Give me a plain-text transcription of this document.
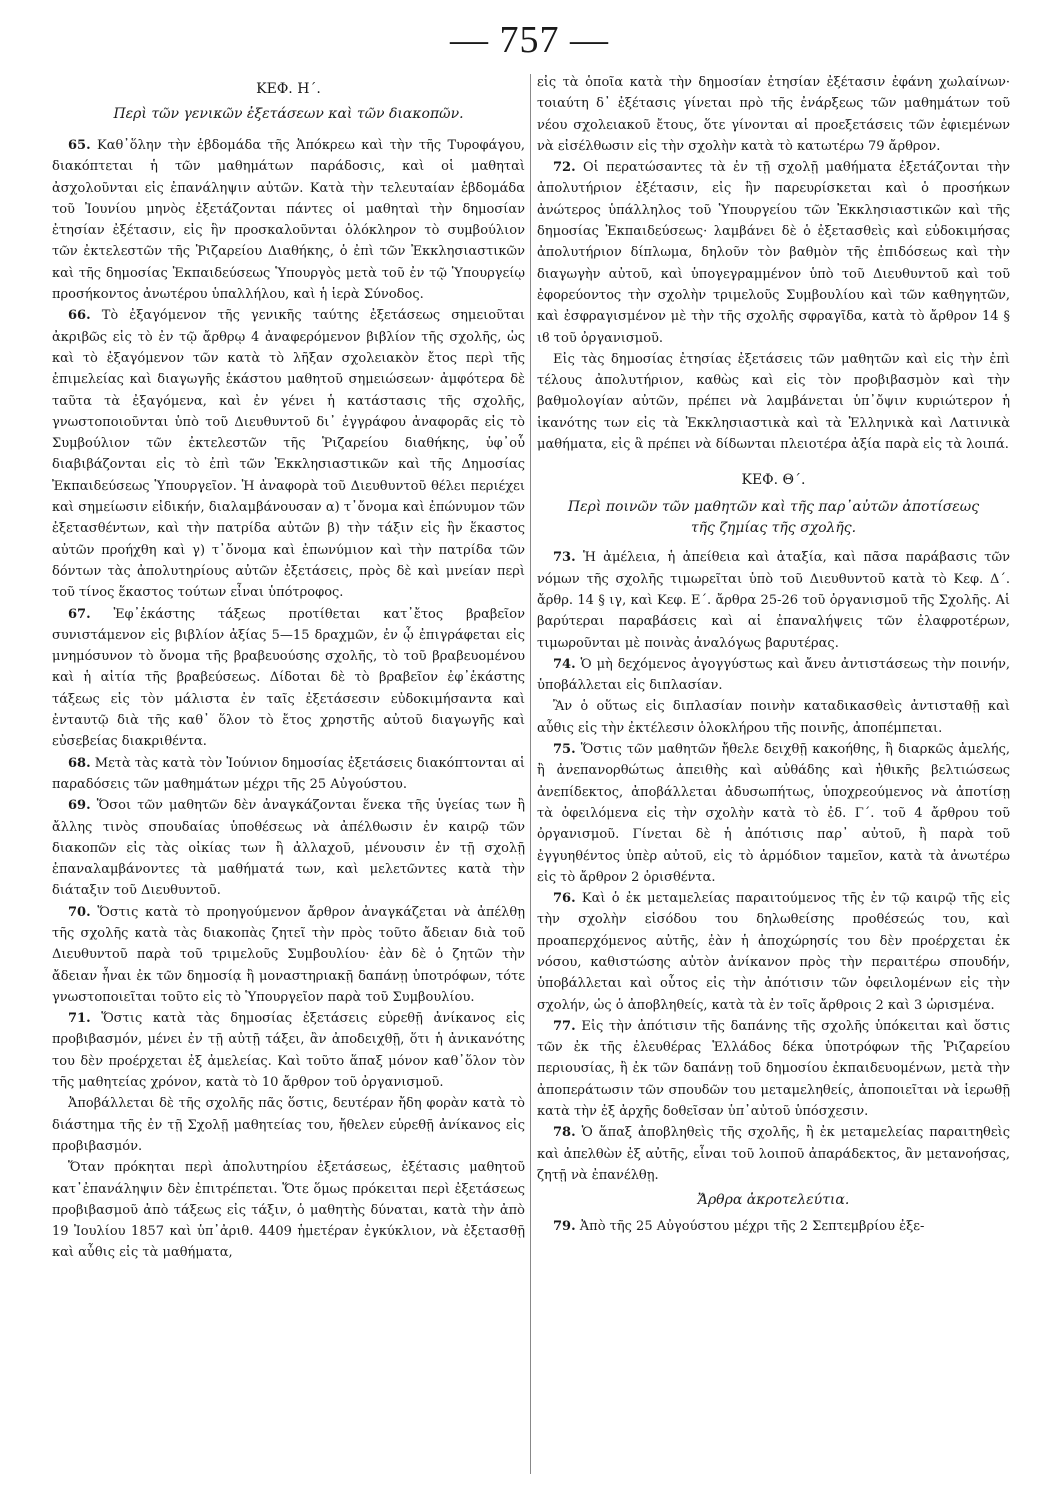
— 757 —
ΚΕΦ. Η΄.
Περὶ τῶν γενικῶν ἐξετάσεων καὶ τῶν διακοπῶν.

65. Καθ᾽ὅλην τὴν ἑβδομάδα τῆς Ἀπόκρεω καὶ τὴν τῆς Τυροφάγου, διακόπτεται ἡ τῶν μαθημάτων παράδοσις, καὶ οἱ μαθηταὶ ἀσχολοῦνται εἰς ἐπανάληψιν αὐτῶν. Κατὰ τὴν τελευταίαν ἑβδομάδα τοῦ Ἰουνίου μηνὸς ἐξετάζονται πάντες οἱ μαθηταὶ τὴν δημοσίαν ἐτησίαν ἐξέτασιν, εἰς ἣν προσκαλοῦνται ὁλόκληρον τὸ συμβούλιον τῶν ἐκτελεστῶν τῆς Ῥιζαρείου Διαθήκης, ὁ ἐπὶ τῶν Ἐκκλησιαστικῶν καὶ τῆς δημοσίας Ἐκπαιδεύσεως Ὑπουργὸς μετὰ τοῦ ἐν τῷ Ὑπουργείῳ προσήκοντος ἀνωτέρου ὑπαλλήλου, καὶ ἡ ἱερὰ Σύνοδος.

66. Τὸ ἐξαγόμενον τῆς γενικῆς ταύτης ἐξετάσεως σημειοῦται ἀκριβῶς εἰς τὸ ἐν τῷ ἄρθρῳ 4 ἀναφερόμενον βιβλίον τῆς σχολῆς, ὡς καὶ τὸ ἐξαγόμενον τῶν κατὰ τὸ λῆξαν σχολειακὸν ἔτος περὶ τῆς ἐπιμελείας καὶ διαγωγῆς ἑκάστου μαθητοῦ σημειώσεων· ἀμφότερα δὲ ταῦτα τὰ ἐξαγόμενα, καὶ ἐν γένει ἡ κατάστασις τῆς σχολῆς, γνωστοποιοῦνται ὑπὸ τοῦ Διευθυντοῦ δι᾽ ἐγγράφου ἀναφορᾶς εἰς τὸ Συμβούλιον τῶν ἐκτελεστῶν τῆς Ῥιζαρείου διαθήκης, ὑφ᾽οὗ διαβιβάζονται εἰς τὸ ἐπὶ τῶν Ἐκκλησιαστικῶν καὶ τῆς Δημοσίας Ἐκπαιδεύσεως Ὑπουργεῖον. Ἡ ἀναφορὰ τοῦ Διευθυντοῦ θέλει περιέχει καὶ σημείωσιν εἰδικήν, διαλαμβάνουσαν α) τ᾽ὄνομα καὶ ἐπώνυμον τῶν ἐξετασθέντων, καὶ τὴν πατρίδα αὐτῶν β) τὴν τάξιν εἰς ἣν ἕκαστος αὐτῶν προήχθη καὶ γ) τ᾽ὄνομα καὶ ἐπωνύμιον καὶ τὴν πατρίδα τῶν δόντων τὰς ἀπολυτηρίους αὐτῶν ἐξετάσεις, πρὸς δὲ καὶ μνείαν περὶ τοῦ τίνος ἕκαστος τούτων εἶναι ὑπότροφος.

67. Ἐφ᾽ἑκάστης τάξεως προτίθεται κατ᾽ἔτος βραβεῖον συνιστάμενον εἰς βιβλίον ἀξίας 5—15 δραχμῶν, ἐν ᾧ ἐπιγράφεται εἰς μνημόσυνον τὸ ὄνομα τῆς βραβευούσης σχολῆς, τὸ τοῦ βραβευομένου καὶ ἡ αἰτία τῆς βραβεύσεως. Δίδοται δὲ τὸ βραβεῖον ἐφ᾽ἑκάστης τάξεως εἰς τὸν μάλιστα ἐν ταῖς ἐξετάσεσιν εὐδοκιμήσαντα καὶ ἐνταυτῷ διὰ τῆς καθ᾽ ὅλον τὸ ἔτος χρηστῆς αὐτοῦ διαγωγῆς καὶ εὐσεβείας διακριθέντα.

68. Μετὰ τὰς κατὰ τὸν Ἰούνιον δημοσίας ἐξετάσεις διακόπτονται αἱ παραδόσεις τῶν μαθημάτων μέχρι τῆς 25 Αὐγούστου.

69. Ὅσοι τῶν μαθητῶν δὲν ἀναγκάζονται ἕνεκα τῆς ὑγείας των ἢ ἄλλης τινὸς σπουδαίας ὑποθέσεως νὰ ἀπέλθωσιν ἐν καιρῷ τῶν διακοπῶν εἰς τὰς οἰκίας των ἢ ἀλλαχοῦ, μένουσιν ἐν τῇ σχολῇ ἐπαναλαμβάνοντες τὰ μαθήματά των, καὶ μελετῶντες κατὰ τὴν διάταξιν τοῦ Διευθυντοῦ.

70. Ὅστις κατὰ τὸ προηγούμενον ἄρθρον ἀναγκάζεται νὰ ἀπέλθῃ τῆς σχολῆς κατὰ τὰς διακοπὰς ζητεῖ τὴν πρὸς τοῦτο ἄδειαν διὰ τοῦ Διευθυντοῦ παρὰ τοῦ τριμελοῦς Συμβουλίου· ἐὰν δὲ ὁ ζητῶν τὴν ἄδειαν ἦναι ἐκ τῶν δημοσίᾳ ἢ μοναστηριακῇ δαπάνῃ ὑποτρόφων, τότε γνωστοποιεῖται τοῦτο εἰς τὸ Ὑπουργεῖον παρὰ τοῦ Συμβουλίου.

71. Ὅστις κατὰ τὰς δημοσίας ἐξετάσεις εὑρεθῇ ἀνίκανος εἰς προβιβασμόν, μένει ἐν τῇ αὐτῇ τάξει, ἂν ἀποδειχθῇ, ὅτι ἡ ἀνικανότης του δὲν προέρχεται ἐξ ἀμελείας. Καὶ τοῦτο ἅπαξ μόνον καθ᾽ὅλον τὸν τῆς μαθητείας χρόνον, κατὰ τὸ 10 ἄρθρον τοῦ ὀργανισμοῦ.

Ἀποβάλλεται δὲ τῆς σχολῆς πᾶς ὅστις, δευτέραν ἤδη φορὰν κατὰ τὸ διάστημα τῆς ἐν τῇ Σχολῇ μαθητείας του, ἤθελεν εὑρεθῇ ἀνίκανος εἰς προβιβασμόν.

Ὅταν πρόκηται περὶ ἀπολυτηρίου ἐξετάσεως, ἐξέτασις μαθητοῦ κατ᾽ἐπανάληψιν δὲν ἐπιτρέπεται. Ὅτε ὅμως πρόκειται περὶ ἐξετάσεως προβιβασμοῦ ἀπὸ τάξεως εἰς τάξιν, ὁ μαθητὴς δύναται, κατὰ τὴν ἀπὸ 19 Ἰουλίου 1857 καὶ ὑπ᾽ἀριθ. 4409 ἡμετέραν ἐγκύκλιον, νὰ ἐξετασθῇ καὶ αὖθις εἰς τὰ μαθήματα,

εἰς τὰ ὁποῖα κατὰ τὴν δημοσίαν ἐτησίαν ἐξέτασιν ἐφάνη χωλαίνων· τοιαύτη δ᾽ ἐξέτασις γίνεται πρὸ τῆς ἐνάρξεως τῶν μαθημάτων τοῦ νέου σχολειακοῦ ἔτους, ὅτε γίνονται αἱ προεξετάσεις τῶν ἐφιεμένων νὰ εἰσέλθωσιν εἰς τὴν σχολὴν κατὰ τὸ κατωτέρω 79 ἄρθρον.

72. Οἱ περατώσαντες τὰ ἐν τῇ σχολῇ μαθήματα ἐξετάζονται τὴν ἀπολυτήριον ἐξέτασιν, εἰς ἣν παρευρίσκεται καὶ ὁ προσήκων ἀνώτερος ὑπάλληλος τοῦ Ὑπουργείου τῶν Ἐκκλησιαστικῶν καὶ τῆς δημοσίας Ἐκπαιδεύσεως· λαμβάνει δὲ ὁ ἐξετασθεὶς καὶ εὐδοκιμήσας ἀπολυτήριον δίπλωμα, δηλοῦν τὸν βαθμὸν τῆς ἐπιδόσεως καὶ τὴν διαγωγὴν αὐτοῦ, καὶ ὑπογεγραμμένον ὑπὸ τοῦ Διευθυντοῦ καὶ τοῦ ἐφορεύοντος τὴν σχολὴν τριμελοῦς Συμβουλίου καὶ τῶν καθηγητῶν, καὶ ἐσφραγισμένον μὲ τὴν τῆς σχολῆς σφραγῖδα, κατὰ τὸ ἄρθρον 14 § ιϐ τοῦ ὀργανισμοῦ.

Εἰς τὰς δημοσίας ἐτησίας ἐξετάσεις τῶν μαθητῶν καὶ εἰς τὴν ἐπὶ τέλους ἀπολυτήριον, καθὼς καὶ εἰς τὸν προβιβασμὸν καὶ τὴν βαθμολογίαν αὐτῶν, πρέπει νὰ λαμβάνεται ὑπ᾽ὄψιν κυριώτερον ἡ ἱκανότης των εἰς τὰ Ἐκκλησιαστικὰ καὶ τὰ Ἑλληνικὰ καὶ Λατινικὰ μαθήματα, εἰς ἃ πρέπει νὰ δίδωνται πλειοτέρα ἀξία παρὰ εἰς τὰ λοιπά.

ΚΕΦ. Θ΄.
Περὶ ποινῶν τῶν μαθητῶν καὶ τῆς παρ᾽αὐτῶν ἀποτίσεως
τῆς ζημίας τῆς σχολῆς.

73. Ἡ ἀμέλεια, ἡ ἀπείθεια καὶ ἀταξία, καὶ πᾶσα παράβασις τῶν νόμων τῆς σχολῆς τιμωρεῖται ὑπὸ τοῦ Διευθυντοῦ κατὰ τὸ Κεφ. Δ΄. ἄρθρ. 14 § ιγ, καὶ Κεφ. Ε΄. ἄρθρα 25-26 τοῦ ὀργανισμοῦ τῆς Σχολῆς. Αἱ βαρύτεραι παραβάσεις καὶ αἱ ἐπαναλήψεις τῶν ἐλαφροτέρων, τιμωροῦνται μὲ ποινὰς ἀναλόγως βαρυτέρας.

74. Ὁ μὴ δεχόμενος ἀγογγύστως καὶ ἄνευ ἀντιστάσεως τὴν ποινήν, ὑποβάλλεται εἰς διπλασίαν.

Ἂν ὁ οὕτως εἰς διπλασίαν ποινὴν καταδικασθεὶς ἀντισταθῇ καὶ αὖθις εἰς τὴν ἐκτέλεσιν ὁλοκλήρου τῆς ποινῆς, ἀποπέμπεται.

75. Ὅστις τῶν μαθητῶν ἤθελε δειχθῇ κακοήθης, ἢ διαρκῶς ἀμελής, ἢ ἀνεπανορθώτως ἀπειθὴς καὶ αὐθάδης καὶ ἠθικῆς βελτιώσεως ἀνεπίδεκτος, ἀποβάλλεται ἀδυσωπήτως, ὑποχρεούμενος νὰ ἀποτίσῃ τὰ ὀφειλόμενα εἰς τὴν σχολὴν κατὰ τὸ ἐδ. Γ΄. τοῦ 4 ἄρθρου τοῦ ὀργανισμοῦ. Γίνεται δὲ ἡ ἀπότισις παρ᾽ αὐτοῦ, ἢ παρὰ τοῦ ἐγγυηθέντος ὑπὲρ αὐτοῦ, εἰς τὸ ἁρμόδιον ταμεῖον, κατὰ τὰ ἀνωτέρω εἰς τὸ ἄρθρον 2 ὁρισθέντα.

76. Καὶ ὁ ἐκ μεταμελείας παραιτούμενος τῆς ἐν τῷ καιρῷ τῆς εἰς τὴν σχολὴν εἰσόδου του δηλωθείσης προθέσεώς του, καὶ προαπερχόμενος αὐτῆς, ἐὰν ἡ ἀποχώρησίς του δὲν προέρχεται ἐκ νόσου, καθιστώσης αὐτὸν ἀνίκανον πρὸς τὴν περαιτέρω σπουδήν, ὑποβάλλεται καὶ οὗτος εἰς τὴν ἀπότισιν τῶν ὀφειλομένων εἰς τὴν σχολήν, ὡς ὁ ἀποβληθείς, κατὰ τὰ ἐν τοῖς ἄρθροις 2 καὶ 3 ὡρισμένα.

77. Εἰς τὴν ἀπότισιν τῆς δαπάνης τῆς σχολῆς ὑπόκειται καὶ ὅστις τῶν ἐκ τῆς ἐλευθέρας Ἑλλάδος δέκα ὑποτρόφων τῆς Ῥιζαρείου περιουσίας, ἢ ἐκ τῶν δαπάνῃ τοῦ δημοσίου ἐκπαιδευομένων, μετὰ τὴν ἀποπεράτωσιν τῶν σπουδῶν του μεταμεληθείς, ἀποποιεῖται νὰ ἱερωθῇ κατὰ τὴν ἐξ ἀρχῆς δοθεῖσαν ὑπ᾽αὐτοῦ ὑπόσχεσιν.

78. Ὁ ἅπαξ ἀποβληθεὶς τῆς σχολῆς, ἢ ἐκ μεταμελείας παραιτηθεὶς καὶ ἀπελθὼν ἐξ αὐτῆς, εἶναι τοῦ λοιποῦ ἀπαράδεκτος, ἂν μετανοήσας, ζητῇ νὰ ἐπανέλθῃ.

Ἄρθρα ἀκροτελεύτια.

79. Ἀπὸ τῆς 25 Αὐγούστου μέχρι τῆς 2 Σεπτεμβρίου ἐξε-
